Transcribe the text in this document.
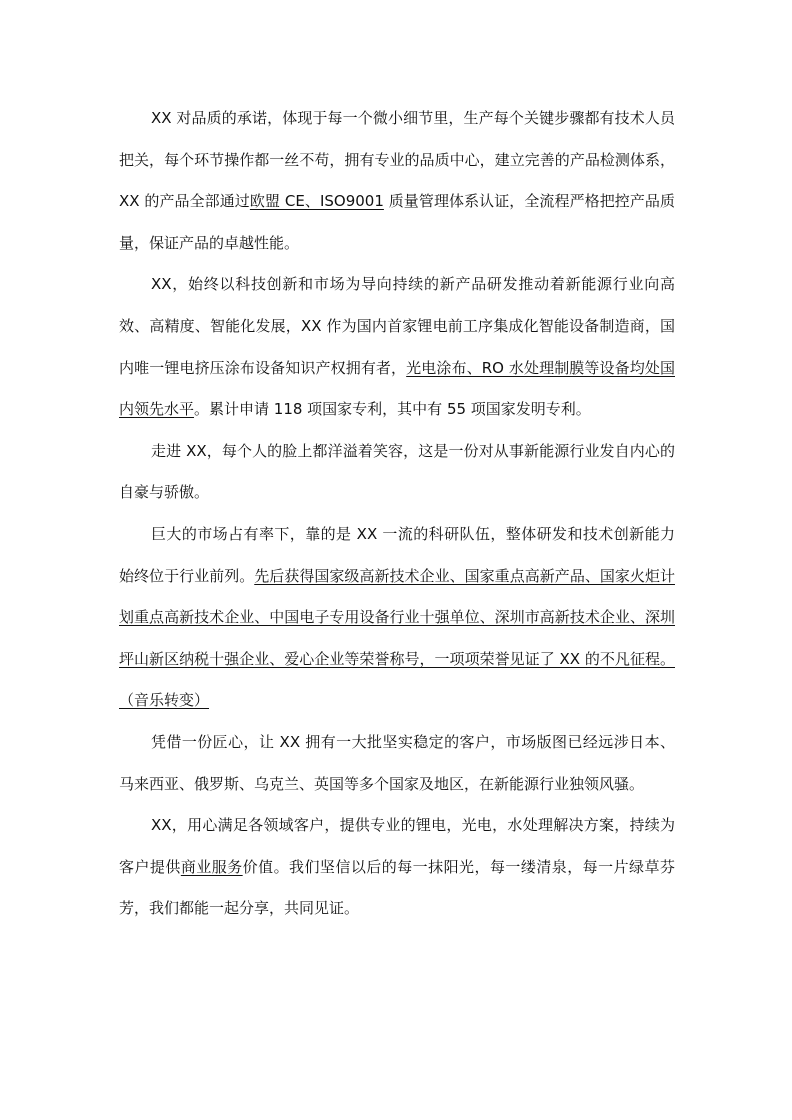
XX 对品质的承诺，体现于每一个微小细节里，生产每个关键步骤都有技术人员把关，每个环节操作都一丝不苟，拥有专业的品质中心，建立完善的产品检测体系，XX 的产品全部通过欧盟 CE、ISO9001 质量管理体系认证，全流程严格把控产品质量，保证产品的卓越性能。

XX，始终以科技创新和市场为导向持续的新产品研发推动着新能源行业向高效、高精度、智能化发展，XX 作为国内首家锂电前工序集成化智能设备制造商，国内唯一锂电挤压涂布设备知识产权拥有者，光电涂布、RO 水处理制膜等设备均处国内领先水平。累计申请 118 项国家专利，其中有 55 项国家发明专利。

走进 XX，每个人的脸上都洋溢着笑容，这是一份对从事新能源行业发自内心的自豪与骄傲。

巨大的市场占有率下，靠的是 XX 一流的科研队伍，整体研发和技术创新能力始终位于行业前列。先后获得国家级高新技术企业、国家重点高新产品、国家火炬计划重点高新技术企业、中国电子专用设备行业十强单位、深圳市高新技术企业、深圳坪山新区纳税十强企业、爱心企业等荣誉称号，一项项荣誉见证了 XX 的不凡征程。（音乐转变）

凭借一份匠心，让 XX 拥有一大批坚实稳定的客户，市场版图已经远涉日本、马来西亚、俄罗斯、乌克兰、英国等多个国家及地区，在新能源行业独领风骚。

XX，用心满足各领域客户，提供专业的锂电，光电，水处理解决方案，持续为客户提供商业服务价值。我们坚信以后的每一抹阳光，每一缕清泉，每一片绿草芬芳，我们都能一起分享，共同见证。
